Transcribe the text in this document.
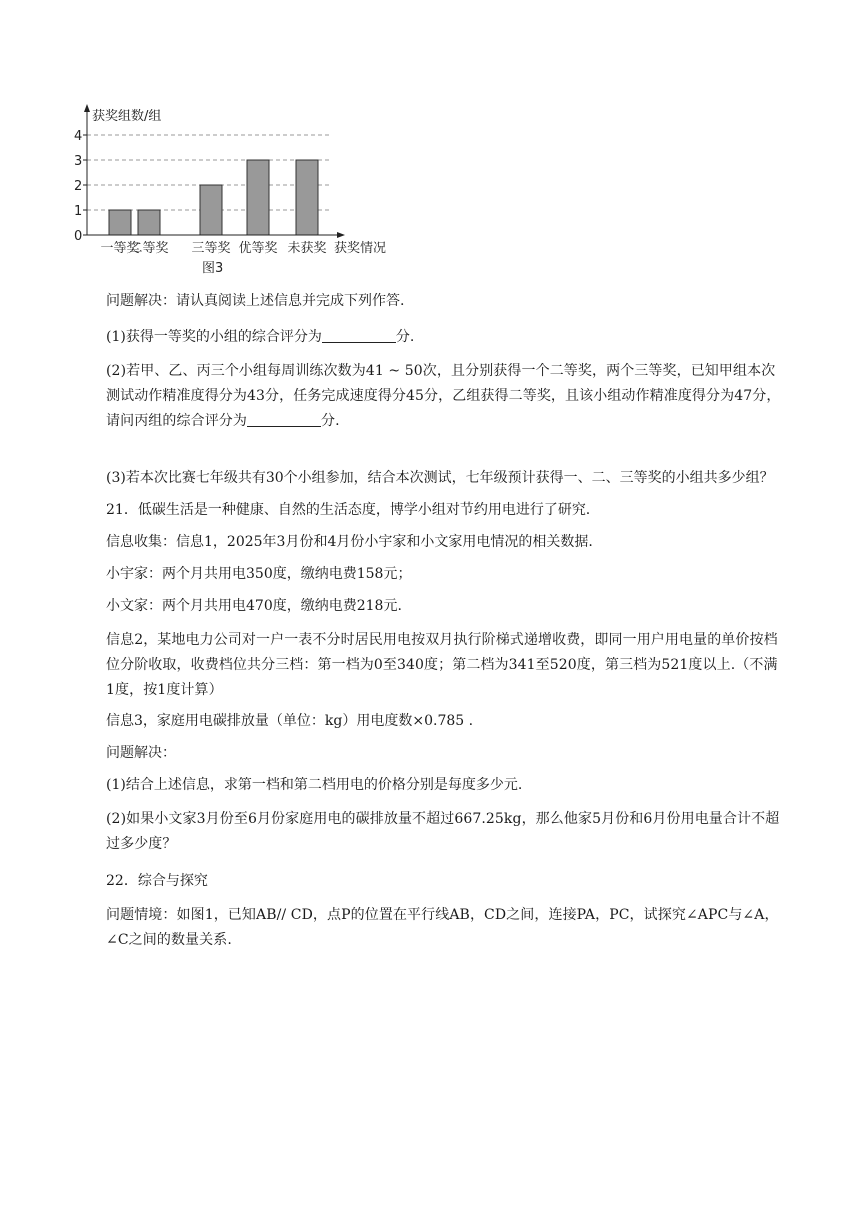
0
1
2
3
4
一等奖
二等奖 三等奖 优等奖 未获奖
获奖组数/组
获奖情况
图3

问题解决：请认真阅读上述信息并完成下列作答.

(1)获得一等奖的小组的综合评分为	分.

(2)若甲、乙、丙三个小组每周训练次数为41 ~ 50次，且分别获得一个二等奖，两个三等奖，已知甲组本次测试动作精准度得分为43分，任务完成速度得分45分，乙组获得二等奖，且该小组动作精准度得分为47分，请问丙组的综合评分为	分.

(3)若本次比赛七年级共有30个小组参加，结合本次测试，七年级预计获得一、二、三等奖的小组共多少组？

21．低碳生活是一种健康、自然的生活态度，博学小组对节约用电进行了研究.

信息收集：信息1，2025年3月份和4月份小宇家和小文家用电情况的相关数据.

小宇家：两个月共用电350度，缴纳电费158元；

小文家：两个月共用电470度，缴纳电费218元.

信息2，某地电力公司对一户一表不分时居民用电按双月执行阶梯式递增收费，即同一用户用电量的单价按档位分阶收取，收费档位共分三档：第一档为0至340度；第二档为341至520度，第三档为521度以上.（不满1度，按1度计算）

信息3，家庭用电碳排放量（单位：kg）用电度数×0.785 .

问题解决：

(1)结合上述信息，求第一档和第二档用电的价格分别是每度多少元.

(2)如果小文家3月份至6月份家庭用电的碳排放量不超过667.25kg，那么他家5月份和6月份用电量合计不超过多少度？

22．综合与探究

问题情境：如图1，已知AB// CD，点P的位置在平行线AB，CD之间，连接PA，PC，试探究∠APC与∠A，∠C之间的数量关系.
